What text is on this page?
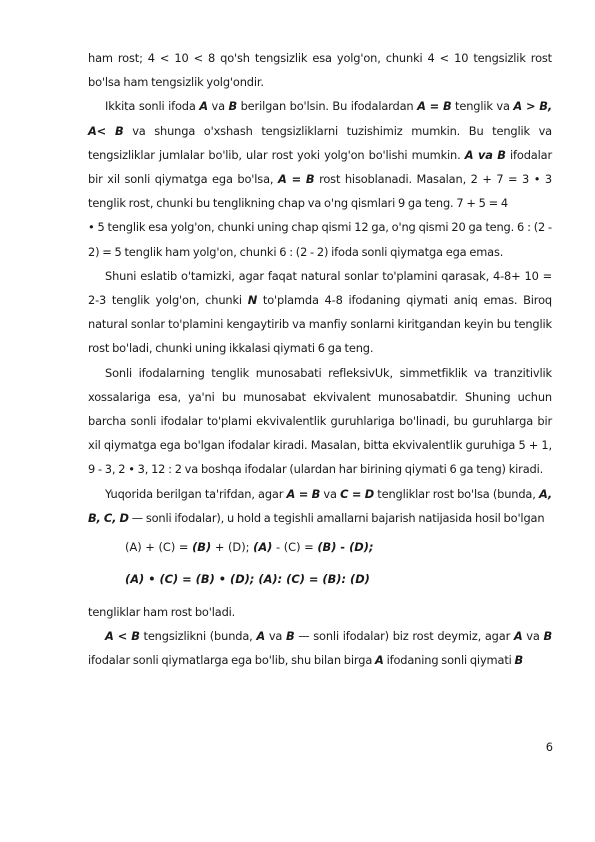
ham rost; 4 < 10 < 8 qo'sh tengsizlik esa yolg'on, chunki 4 < 10 tengsizlik rost bo'lsa ham tengsizlik yolg'ondir.

Ikkita sonli ifoda A va B berilgan bo'lsin. Bu ifodalardan A = B tenglik va A > B, A< B va shunga o'xshash tengsizliklarni tuzishimiz mumkin. Bu tenglik va tengsizliklar jumlalar bo'lib, ular rost yoki yolg'on bo'lishi mumkin. A va B ifodalar bir xil sonli qiymatga ega bo'lsa, A = B rost hisoblanadi. Masalan, 2 + 7 = 3 • 3 tenglik rost, chunki bu tenglikning chap va o'ng qismlari 9 ga teng. 7 + 5 = 4

• 5 tenglik esa yolg'on, chunki uning chap qismi 12 ga, o'ng qismi 20 ga teng. 6 : (2 - 2) = 5 tenglik ham yolg'on, chunki 6 : (2 - 2) ifoda sonli qiymatga ega emas.

Shuni eslatib o'tamizki, agar faqat natural sonlar to'plamini qarasak, 4-8+ 10 = 2-3 tenglik yolg'on, chunki N to'plamda 4-8 ifodaning qiymati aniq emas. Biroq natural sonlar to'plamini kengaytirib va manfiy sonlarni kiritgandan keyin bu tenglik rost bo'ladi, chunki uning ikkalasi qiymati 6 ga teng.

Sonli ifodalarning tenglik munosabati refleksivUk, simmetfiklik va tranzitivlik xossalariga esa, ya'ni bu munosabat ekvivalent munosabatdir. Shuning uchun barcha sonli ifodalar to'plami ekvivalentlik guruhlariga bo'linadi, bu guruhlarga bir xil qiymatga ega bo'lgan ifodalar kiradi. Masalan, bitta ekvivalentlik guruhiga 5 + 1, 9 - 3, 2 • 3, 12 : 2 va boshqa ifodalar (ulardan har birining qiymati 6 ga teng) kiradi.

Yuqorida berilgan ta'rifdan, agar A = B va C = D tengliklar rost bo'lsa (bunda, A, B, C, D — sonli ifodalar), u hold a tegishli amallarni bajarish natijasida hosil bo'lgan

(A) + (C) = (B) + (D); (A) - (C) = (B) - (D);
(A) • (C) = (B) • (D); (A): (C) = (B): (D)

tengliklar ham rost bo'ladi.

A < B tengsizlikni (bunda, A va B — sonli ifodalar) biz rost deymiz, agar A va B ifodalar sonli qiymatlarga ega bo'lib, shu bilan birga A ifodaning sonli qiymati B

6
